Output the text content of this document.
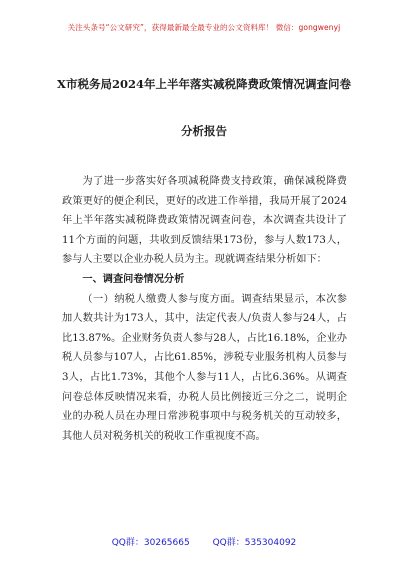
关注头条号“公文研究”，获得最新最全最专业的公文资料库！ 微信：gongwenyj
X市税务局2024年上半年落实减税降费政策情况调查问卷
分析报告

为了进一步落实好各项减税降费支持政策，确保减税降费政策更好的便企利民，更好的改进工作举措，我局开展了2024年上半年落实减税降费政策情况调查问卷，本次调查共设计了11个方面的问题，共收到反馈结果173份，参与人数173人，参与人主要以企业办税人员为主。现就调查结果分析如下：

一、调查问卷情况分析

（一）纳税人缴费人参与度方面。调查结果显示，本次参加人数共计为173人，其中，法定代表人/负责人参与24人，占比13.87%。企业财务负责人参与28人，占比16.18%，企业办税人员参与107人，占比61.85%，涉税专业服务机构人员参与3人，占比1.73%，其他个人参与11人，占比6.36%。从调查问卷总体反映情况来看，办税人员比例接近三分之二，说明企业的办税人员在办理日常涉税事项中与税务机关的互动较多，其他人员对税务机关的税收工作重视度不高。

QQ群：30265665	QQ群：535304092
